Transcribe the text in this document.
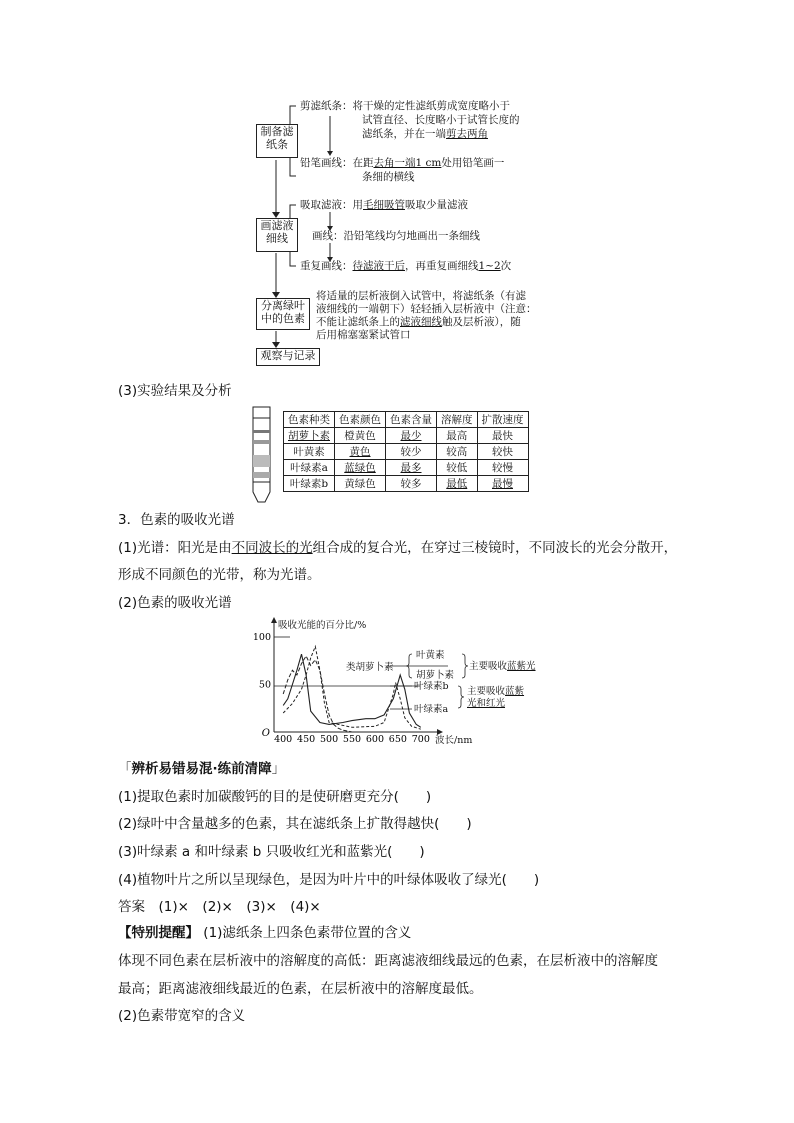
制备滤纸条
画滤液细线
分离绿叶中的色素
观察与记录
剪滤纸条：将干燥的定性滤纸剪成宽度略小于
试管直径、长度略小于试管长度的
滤纸条，并在一端剪去两角
铅笔画线：在距去角一端1 cm处用铅笔画一
条细的横线
吸取滤液：用毛细吸管吸取少量滤液
画线：沿铅笔线均匀地画出一条细线
重复画线：待滤液干后，再重复画细线1~2次
将适量的层析液倒入试管中，将滤纸条（有滤
液细线的一端朝下）轻轻插入层析液中（注意：
不能让滤纸条上的滤液细线触及层析液），随
后用棉塞塞紧试管口
(3)实验结果及分析
色素种类	色素颜色	色素含量	溶解度	扩散速度
胡萝卜素	橙黄色	最少	最高	最快
叶黄素	黄色	较少	较高	较快
叶绿素a	蓝绿色	最多	较低	较慢
叶绿素b	黄绿色	较多	最低	最慢
3．色素的吸收光谱
(1)光谱：阳光是由不同波长的光组合成的复合光，在穿过三棱镜时，不同波长的光会分散开，
形成不同颜色的光带，称为光谱。
(2)色素的吸收光谱
400 450 500 550 600 650 700
100
50
O
吸收光能的百分比/%
波长/nm
类胡萝卜素
叶黄素
胡萝卜素
叶绿素b
叶绿素a
主要吸收蓝紫光
主要吸收蓝紫
光和红光
「辨析易错易混·练前清障」
(1)提取色素时加碳酸钙的目的是使研磨更充分(　　)
(2)绿叶中含量越多的色素，其在滤纸条上扩散得越快(　　)
(3)叶绿素 a 和叶绿素 b 只吸收红光和蓝紫光(　　)
(4)植物叶片之所以呈现绿色，是因为叶片中的叶绿体吸收了绿光(　　)
答案　(1)×　(2)×　(3)×　(4)×
【特别提醒】 (1)滤纸条上四条色素带位置的含义
体现不同色素在层析液中的溶解度的高低：距离滤液细线最远的色素，在层析液中的溶解度
最高；距离滤液细线最近的色素，在层析液中的溶解度最低。
(2)色素带宽窄的含义
